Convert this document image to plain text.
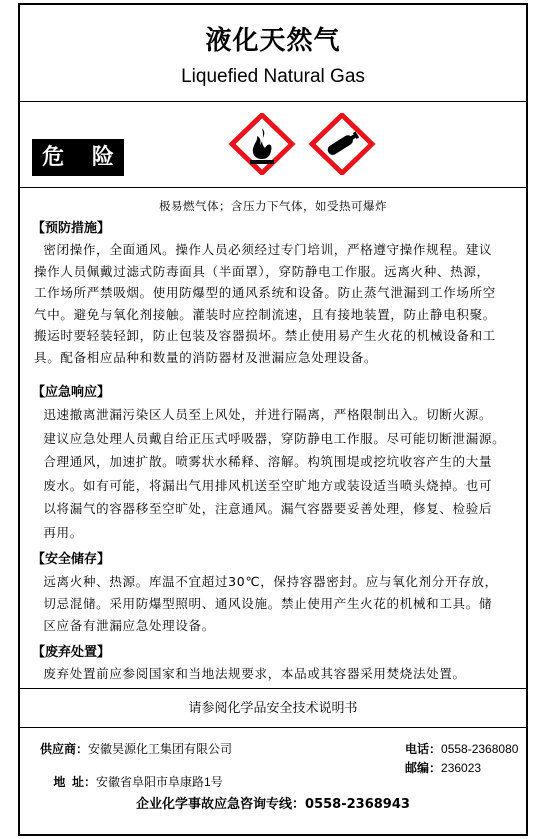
液化天然气
Liquefied Natural Gas
危 险
极易燃气体；含压力下气体，如受热可爆炸
【预防措施】
密闭操作，全面通风。操作人员必须经过专门培训，严格遵守操作规程。建议
操作人员佩戴过滤式防毒面具（半面罩），穿防静电工作服。远离火种、热源，
工作场所严禁吸烟。使用防爆型的通风系统和设备。防止蒸气泄漏到工作场所空
气中。避免与氧化剂接触。灌装时应控制流速，且有接地装置，防止静电积聚。
搬运时要轻装轻卸，防止包装及容器损坏。禁止使用易产生火花的机械设备和工
具。配备相应品种和数量的消防器材及泄漏应急处理设备。
【应急响应】
迅速撤离泄漏污染区人员至上风处，并进行隔离，严格限制出入。切断火源。
建议应急处理人员戴自给正压式呼吸器，穿防静电工作服。尽可能切断泄漏源。
合理通风，加速扩散。喷雾状水稀释、溶解。构筑围堤或挖坑收容产生的大量
废水。如有可能，将漏出气用排风机送至空旷地方或装设适当喷头烧掉。也可
以将漏气的容器移至空旷处，注意通风。漏气容器要妥善处理，修复、检验后
再用。
【安全储存】
远离火种、热源。库温不宜超过30℃，保持容器密封。应与氧化剂分开存放，
切忌混储。采用防爆型照明、通风设施。禁止使用产生火花的机械和工具。储
区应备有泄漏应急处理设备。
【废弃处置】
废弃处置前应参阅国家和当地法规要求，本品或其容器采用焚烧法处置。
请参阅化学品安全技术说明书
供应商：安徽昊源化工集团有限公司	电话：0558-2368080

地  址：安徽省阜阳市阜康路1号

邮编：236023
企业化学事故应急咨询专线：0558-2368943
